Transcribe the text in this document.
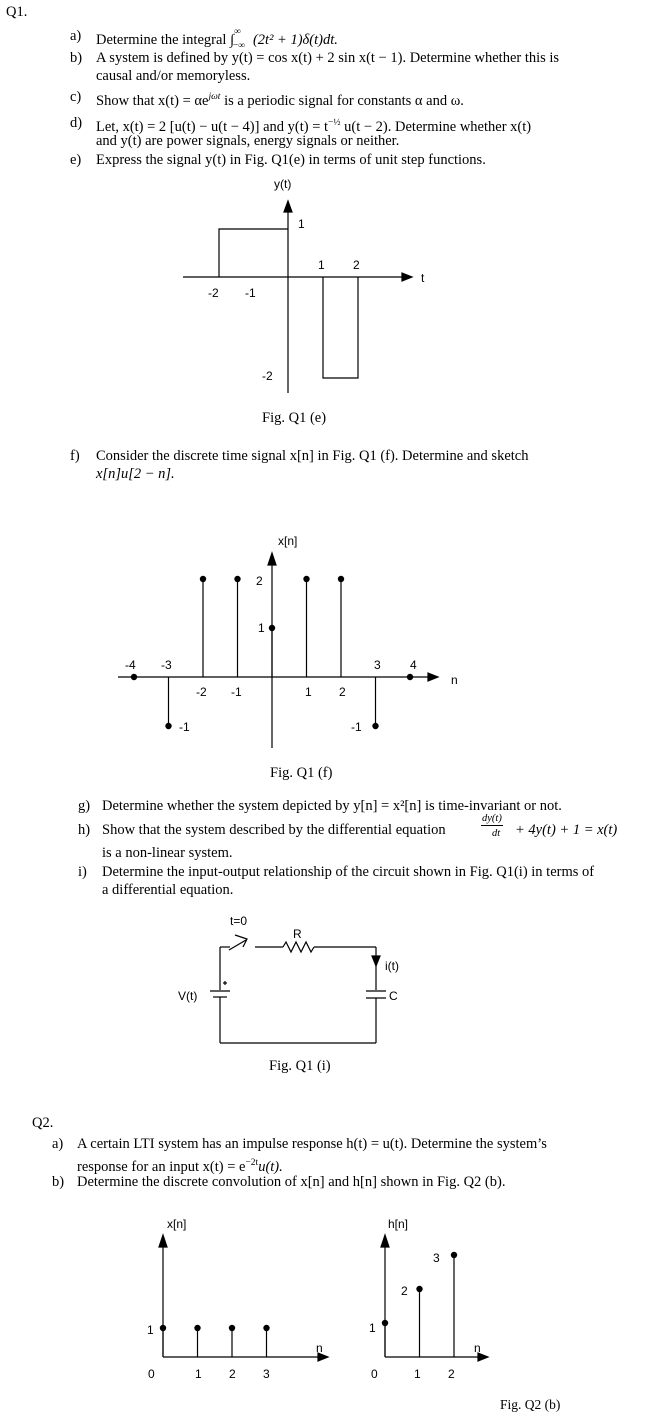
Q1.
a) Determine the integral $\int^\infty_{-\infty}$ (2t² + 1)δ(t)dt.
b) A system is defined by y(t) = cos x(t) + 2 sin x(t − 1). Determine whether this is
causal and/or memoryless.
c) Show that $x(t) = \alpha e^{j\omega t}$ is a periodic signal for constants α and ω.
d) Let, x(t) = 2 [u(t) − u(t − 4)] and $y(t) = t^{-\frac{1}{2}}$ u(t − 2). Determine whether x(t)
and y(t) are power signals, energy signals or neither.
e) Express the signal y(t) in Fig. Q1(e) in terms of unit step functions.
y(t)
t
-2 -1
1 2
1
-2
Fig. Q1 (e)
f) Consider the discrete time signal x[n] in Fig. Q1 (f). Determine and sketch
x[n]u[2 − n].
x[n]
n
2
1
-1	-1
-4 -3
-2 -1	1 2
3 4
Fig. Q1 (f)
g) Determine whether the system depicted by y[n] = x²[n] is time-invariant or not.
h) Show that the system described by the differential equation
dy(t)
dt + 4y(t) + 1 = x(t)
is a non-linear system.
i) Determine the input-output relationship of the circuit shown in Fig. Q1(i) in terms of
a differential equation.
t=0
R
V(t)
i(t)
C
Fig. Q1 (i)
Q2.
a) A certain LTI system has an impulse response h(t) = u(t). Determine the system’s
response for an input $x(t) = e^{-2t}u(t)$.
b) Determine the discrete convolution of x[n] and h[n] shown in Fig. Q2 (b).
x[n]	h[n]
1
n
0	1 2 3
1
2
3
n
0	1 2
Fig. Q2 (b)
